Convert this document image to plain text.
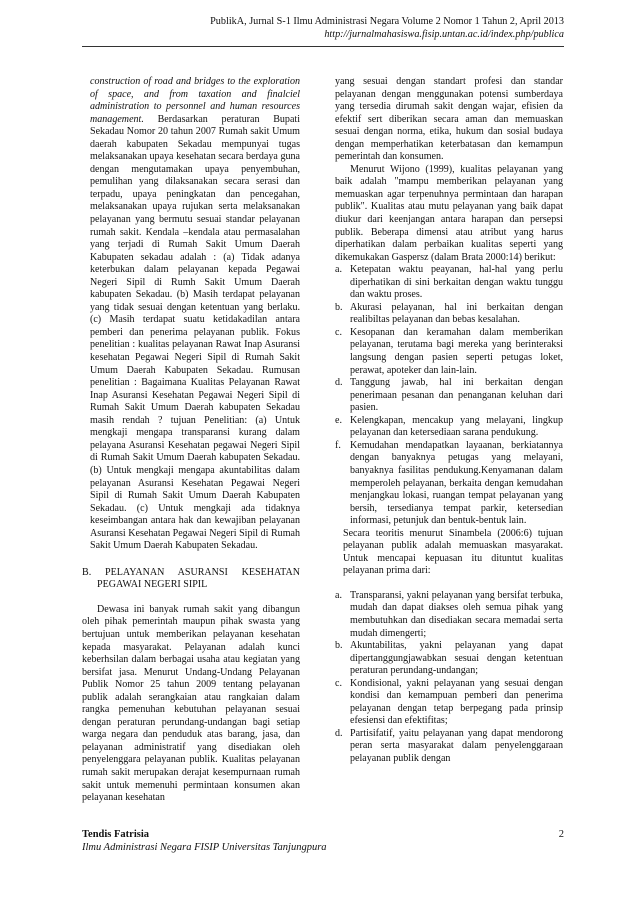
PublikA, Jurnal S-1 Ilmu Administrasi Negara Volume 2 Nomor 1 Tahun 2, April 2013
http://jurnalmahasiswa.fisip.untan.ac.id/index.php/publica

construction of road and bridges to the exploration of space, and from taxation and finalciel administration to personnel and human resources management. Berdasarkan peraturan Bupati Sekadau Nomor 20 tahun 2007 Rumah sakit Umum daerah kabupaten Sekadau mempunyai tugas melaksanakan upaya kesehatan secara berdaya guna dengan mengutamakan upaya penyembuhan, pemulihan yang dilaksanakan secara serasi dan terpadu, upaya peningkatan dan pencegahan, melaksanakan upaya rujukan serta melaksanakan pelayanan yang bermutu sesuai standar pelayanan rumah sakit. Kendala –kendala atau permasalahan yang terjadi di Rumah Sakit Umum Daerah Kabupaten sekadau adalah : (a) Tidak adanya keterbukan dalam pelayanan kepada Pegawai Negeri Sipil di Rumh Sakit Umum Daerah kabupaten Sekadau. (b) Masih terdapat pelayanan yang tidak sesuai dengan ketentuan yang berlaku. (c) Masih terdapat suatu ketidakadilan antara pemberi dan penerima pelayanan publik. Fokus penelitian : kualitas pelayanan Rawat Inap Asuransi kesehatan Pegawai Negeri Sipil di Rumah Sakit Umum Daerah Kabupaten Sekadau. Rumusan penelitian : Bagaimana Kualitas Pelayanan Rawat Inap Asuransi Kesehatan Pegawai Negeri Sipil di Rumah Sakit Umum Daerah kabupaten Sekadau masih rendah ? tujuan Penelitian: (a) Untuk mengkaji mengapa transparansi kurang dalam pelayana Asuransi Kesehatan pegawai Negeri Sipil di Rumah Sakit Umum Daerah kabupaten Sekadau. (b) Untuk mengkaji mengapa akuntabilitas dalam pelayanan Asuransi Kesehatan Pegawai Negeri Sipil di Rumah Sakit Umum Daerah Kabupaten Sekadau. (c) Untuk mengkaji ada tidaknya keseimbangan antara hak dan kewajiban pelayanan Asuransi Kesehatan Pegawai Negeri Sipil di Rumah Sakit Umum Daerah Kabupaten Sekadau.

B. PELAYANAN ASURANSI KESEHATAN PEGAWAI NEGERI SIPIL

Dewasa ini banyak rumah sakit yang dibangun oleh pihak pemerintah maupun pihak swasta yang bertujuan untuk memberikan pelayanan kesehatan kepada masyarakat. Pelayanan adalah kunci keberhsilan dalam berbagai usaha atau kegiatan yang bersifat jasa. Menurut Undang-Undang Pelayanan Publik Nomor 25 tahun 2009 tentang pelayanan publik adalah serangkaian atau rangkaian dalam rangka pemenuhan kebutuhan pelayanan sesuai dengan peraturan perundang-undangan bagi setiap warga negara dan penduduk atas barang, jasa, dan pelayanan administratif yang disediakan oleh penyelenggara pelayanan publik. Kualitas pelayanan rumah sakit merupakan derajat kesempurnaan rumah sakit untuk memenuhi permintaan konsumen akan pelayanan kesehatan

yang sesuai dengan standart profesi dan standar pelayanan dengan menggunakan potensi sumberdaya yang tersedia dirumah sakit dengan wajar, efisien da efektif sert diberikan secara aman dan memuaskan sesuai dengan norma, etika, hukum dan sosial budaya dengan memperhatikan keterbatasan dan kemampun pemerintah dan konsumen.

Menurut Wijono (1999), kualitas pelayanan yang baik adalah "mampu memberikan pelayanan yang memuaskan agar terpenuhnya permintaan dan harapan publik". Kualitas atau mutu pelayanan yang baik dapat diukur dari keenjangan antara harapan dan persepsi publik. Beberapa dimensi atau atribut yang harus diperhatikan dalam perbaikan kualitas seperti yang dikemukakan Gaspersz (dalam Brata 2000:14) berikut:

a. Ketepatan waktu peayanan, hal-hal yang perlu diperhatikan di sini berkaitan dengan waktu tunggu dan waktu proses.
b. Akurasi pelayanan, hal ini berkaitan dengan realibiltas pelayanan dan bebas kesalahan.
c. Kesopanan dan keramahan dalam memberikan pelayanan, terutama bagi mereka yang berinteraksi langsung dengan pasien seperti petugas loket, perawat, apoteker dan lain-lain.
d. Tanggung jawab, hal ini berkaitan dengan penerimaan pesanan dan penanganan keluhan dari pasien.
e. Kelengkapan, mencakup yang melayani, lingkup pelayanan dan ketersediaan sarana pendukung.
f. Kemudahan mendapatkan layaanan, berkiatannya dengan banyaknya petugas yang melayani, banyaknya fasilitas pendukung.Kenyamanan dalam memperoleh pelayanan, berkaita dengan kemudahan menjangkau lokasi, ruangan tempat pelayanan yang bersih, tersedianya tempat parkir, ketersedian informasi, petunjuk dan bentuk-bentuk lain.

Secara teoritis menurut Sinambela (2006:6) tujuan pelayanan publik adalah memuaskan masyarakat. Untuk mencapai kepuasan itu dituntut kualitas pelayanan prima dari:

a. Transparansi, yakni pelayanan yang bersifat terbuka, mudah dan dapat diakses oleh semua pihak yang membutuhkan dan disediakan secara memadai serta mudah dimengerti;
b. Akuntabilitas, yakni pelayanan yang dapat dipertanggungjawabkan sesuai dengan ketentuan peraturan perundang-undangan;
c. Kondisional, yakni pelayanan yang sesuai dengan kondisi dan kemampuan pemberi dan penerima pelayanan dengan tetap berpegang pada prinsip efesiensi dan efektifitas;
d. Partisifatif, yaitu pelayanan yang dapat mendorong peran serta masyarakat dalam penyelenggaraan pelayanan publik dengan
Tendis Fatrisia
Ilmu Administrasi Negara FISIP Universitas Tanjungpura
2
